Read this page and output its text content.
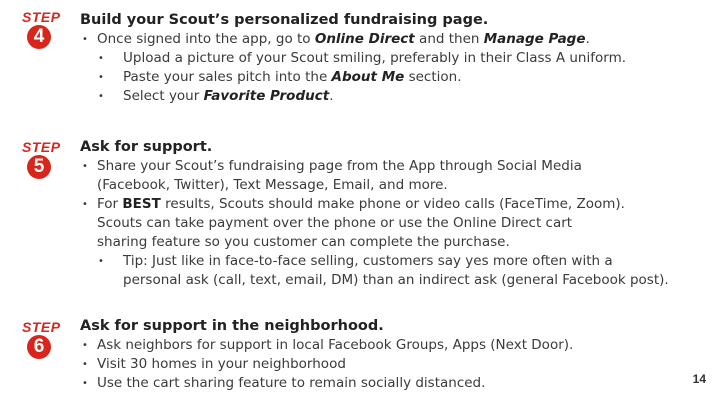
STEP
4

Build your Scout’s personalized fundraising page.

• Once signed into the app, go to Online Direct and then Manage Page.
• Upload a picture of your Scout smiling, preferably in their Class A uniform.
• Paste your sales pitch into the About Me section.
• Select your Favorite Product.
STEP
5

Ask for support.

• Share your Scout’s fundraising page from the App through Social Media
(Facebook, Twitter), Text Message, Email, and more.
• For BEST results, Scouts should make phone or video calls (FaceTime, Zoom).
Scouts can take payment over the phone or use the Online Direct cart
sharing feature so you customer can complete the purchase.
• Tip: Just like in face-to-face selling, customers say yes more often with a
personal ask (call, text, email, DM) than an indirect ask (general Facebook post).
STEP
6

Ask for support in the neighborhood.

• Ask neighbors for support in local Facebook Groups, Apps (Next Door).
• Visit 30 homes in your neighborhood
• Use the cart sharing feature to remain socially distanced.	14
